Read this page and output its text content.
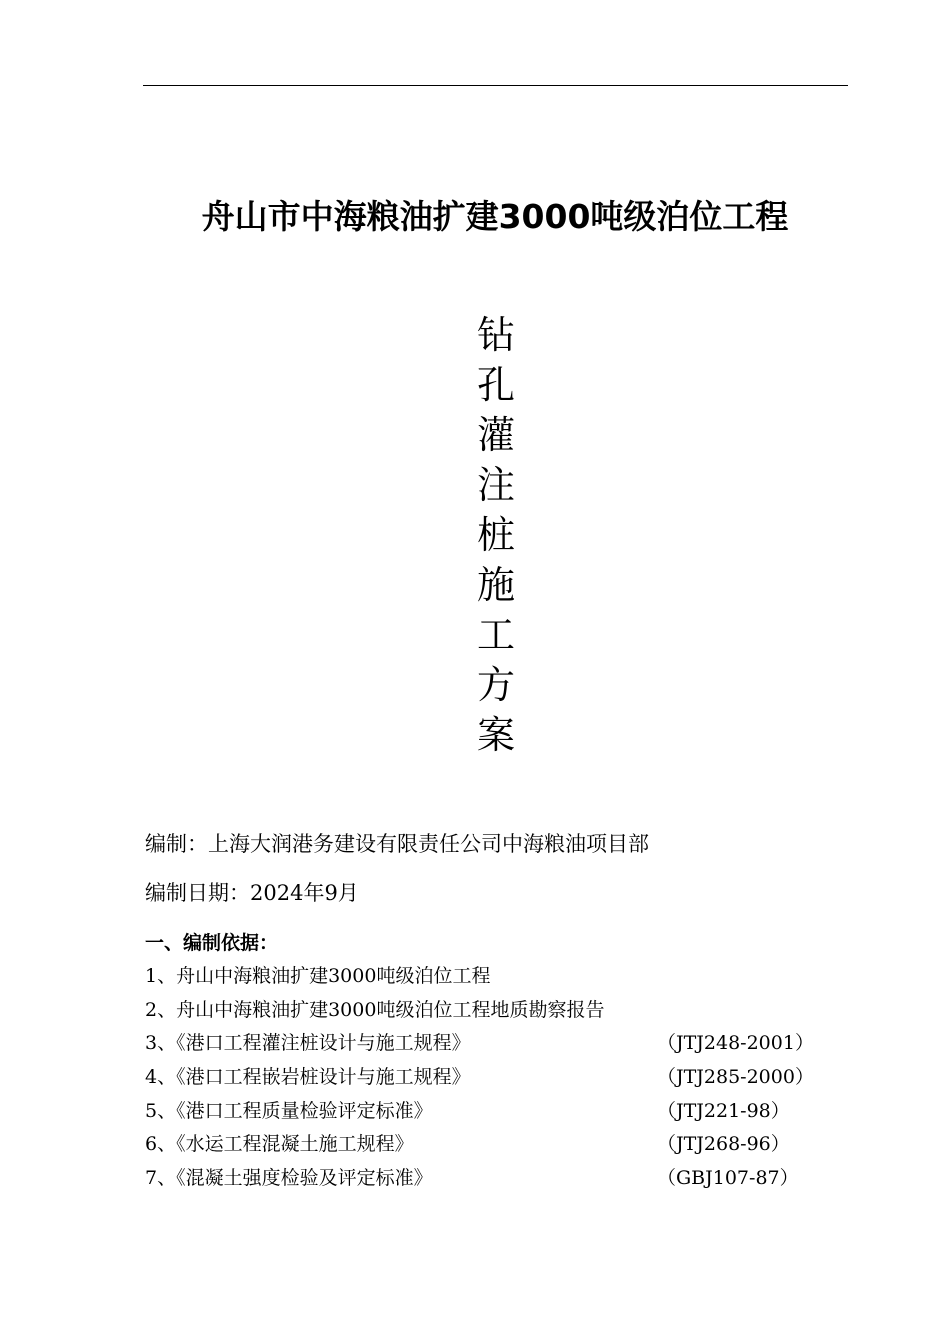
舟山市中海粮油扩建3000吨级泊位工程
钻
孔
灌
注
桩
施
工
方
案
编制：上海大润港务建设有限责任公司中海粮油项目部
编制日期：2024年9月
一、编制依据：
1、舟山中海粮油扩建3000吨级泊位工程
2、舟山中海粮油扩建3000吨级泊位工程地质勘察报告
3、《港口工程灌注桩设计与施工规程》	（JTJ248-2001）
4、《港口工程嵌岩桩设计与施工规程》	（JTJ285-2000）
5、《港口工程质量检验评定标准》	（JTJ221-98）
6、《水运工程混凝土施工规程》	（JTJ268-96）
7、《混凝土强度检验及评定标准》	（GBJ107-87）
